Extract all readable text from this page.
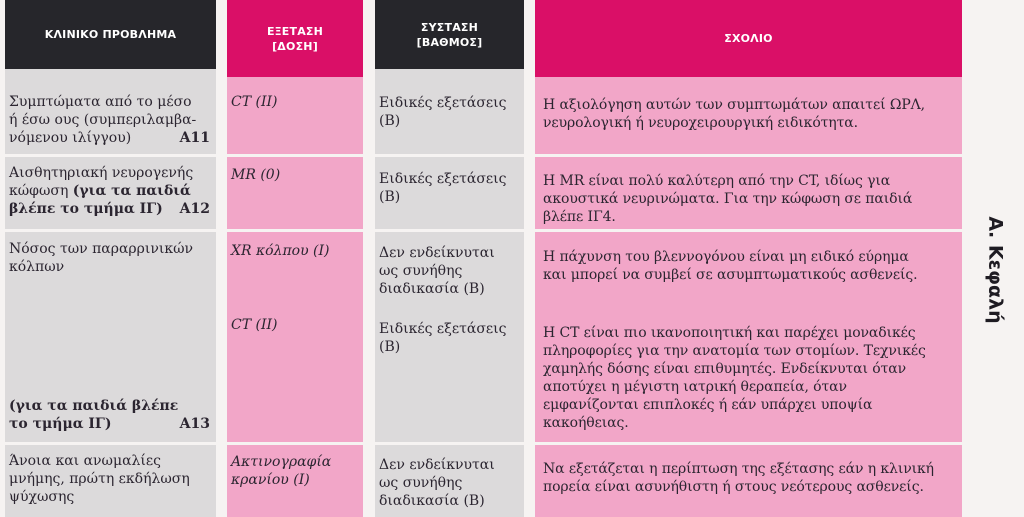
ΚΛΙΝΙΚΟ ΠΡΟΒΛΗΜΑ
Συμπτώματα από το μέσο
ή έσω ους (συμπεριλαμβα-
νόμενου ιλίγγου)	Α11
Αισθητηριακή νευρογενής
κώφωση (για τα παιδιά
βλέπε το τμήμα ΙΓ) Α12
Νόσος των παραρρινικών
κόλπων
(για τα παιδιά βλέπε
το τμήμα ΙΓ)	Α13
Άνοια και ανωμαλίες
μνήμης, πρώτη εκδήλωση
ψύχωσης
ΕΞΕΤΑΣΗ
[ΔΟΣΗ]
CT (II)
MR (0)
XR κόλπου (I)
CT (II)
Ακτινογραφία
κρανίου (I)
ΣΥΣΤΑΣΗ
[ΒΑΘΜΟΣ]
Ειδικές εξετάσεις
(B)
Ειδικές εξετάσεις
(B)
Δεν ενδείκνυται
ως συνήθης
διαδικασία (B)
Ειδικές εξετάσεις
(B)
Δεν ενδείκνυται
ως συνήθης
διαδικασία (B)
ΣΧΟΛΙΟ
Η αξιολόγηση αυτών των συμπτωμάτων απαιτεί ΩΡΛ,
νευρολογική ή νευροχειρουργική ειδικότητα.
Η MR είναι πολύ καλύτερη από την CT, ιδίως για
ακουστικά νευρινώματα. Για την κώφωση σε παιδιά
βλέπε ΙΓ4.
Η πάχυνση του βλεννογόνου είναι μη ειδικό εύρημα
και μπορεί να συμβεί σε ασυμπτωματικούς ασθενείς.
Η CT είναι πιο ικανοποιητική και παρέχει μοναδικές
πληροφορίες για την ανατομία των στομίων. Τεχνικές
χαμηλής δόσης είναι επιθυμητές. Ενδείκνυται όταν
αποτύχει η μέγιστη ιατρική θεραπεία, όταν
εμφανίζονται επιπλοκές ή εάν υπάρχει υποψία
κακοήθειας.
Να εξετάζεται η περίπτωση της εξέτασης εάν η κλινική
πορεία είναι ασυνήθιστη ή στους νεότερους ασθενείς.
Α. Κεφαλή
